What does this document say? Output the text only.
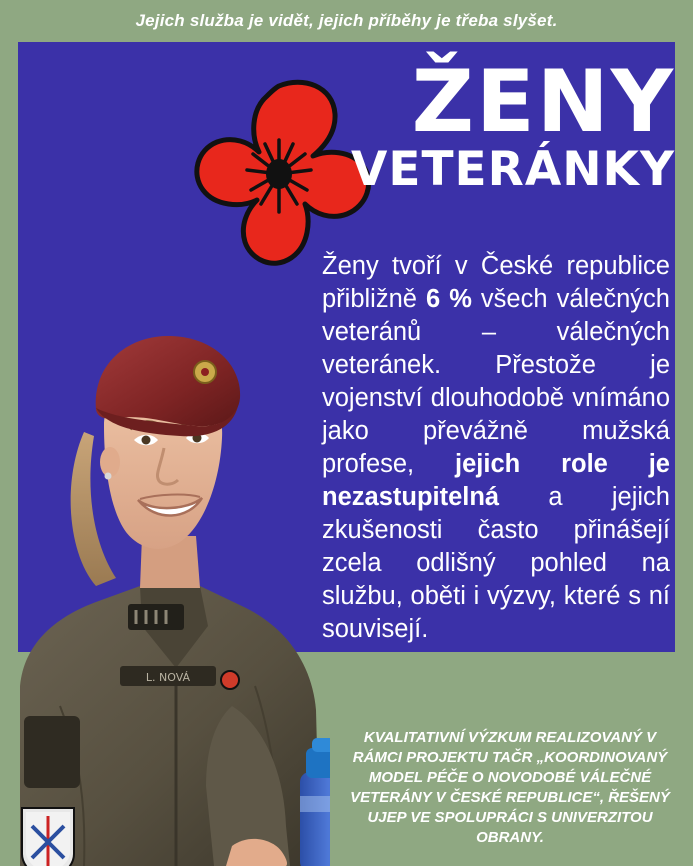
Jejich služba je vidět, jejich příběhy je třeba slyšet.
ŽENY
VETERÁNKY

Ženy tvoří v České republice přibližně 6 % všech válečných veteránů – válečných veteránek. Přestože je vojenství dlouhodobě vnímáno jako převážně mužská profese, jejich role je nezastupitelná a jejich zkušenosti často přinášejí zcela odlišný pohled na službu, oběti i výzvy, které s ní souvisejí.

KVALITATIVNÍ VÝZKUM REALIZOVANÝ V RÁMCI PROJEKTU TAČR „KOORDINOVANÝ MODEL PÉČE O NOVODOBÉ VÁLEČNÉ VETERÁNY V ČESKÉ REPUBLICE“, ŘEŠENÝ UJEP VE SPOLUPRÁCI S UNIVERZITOU OBRANY.
L. NOVÁ
